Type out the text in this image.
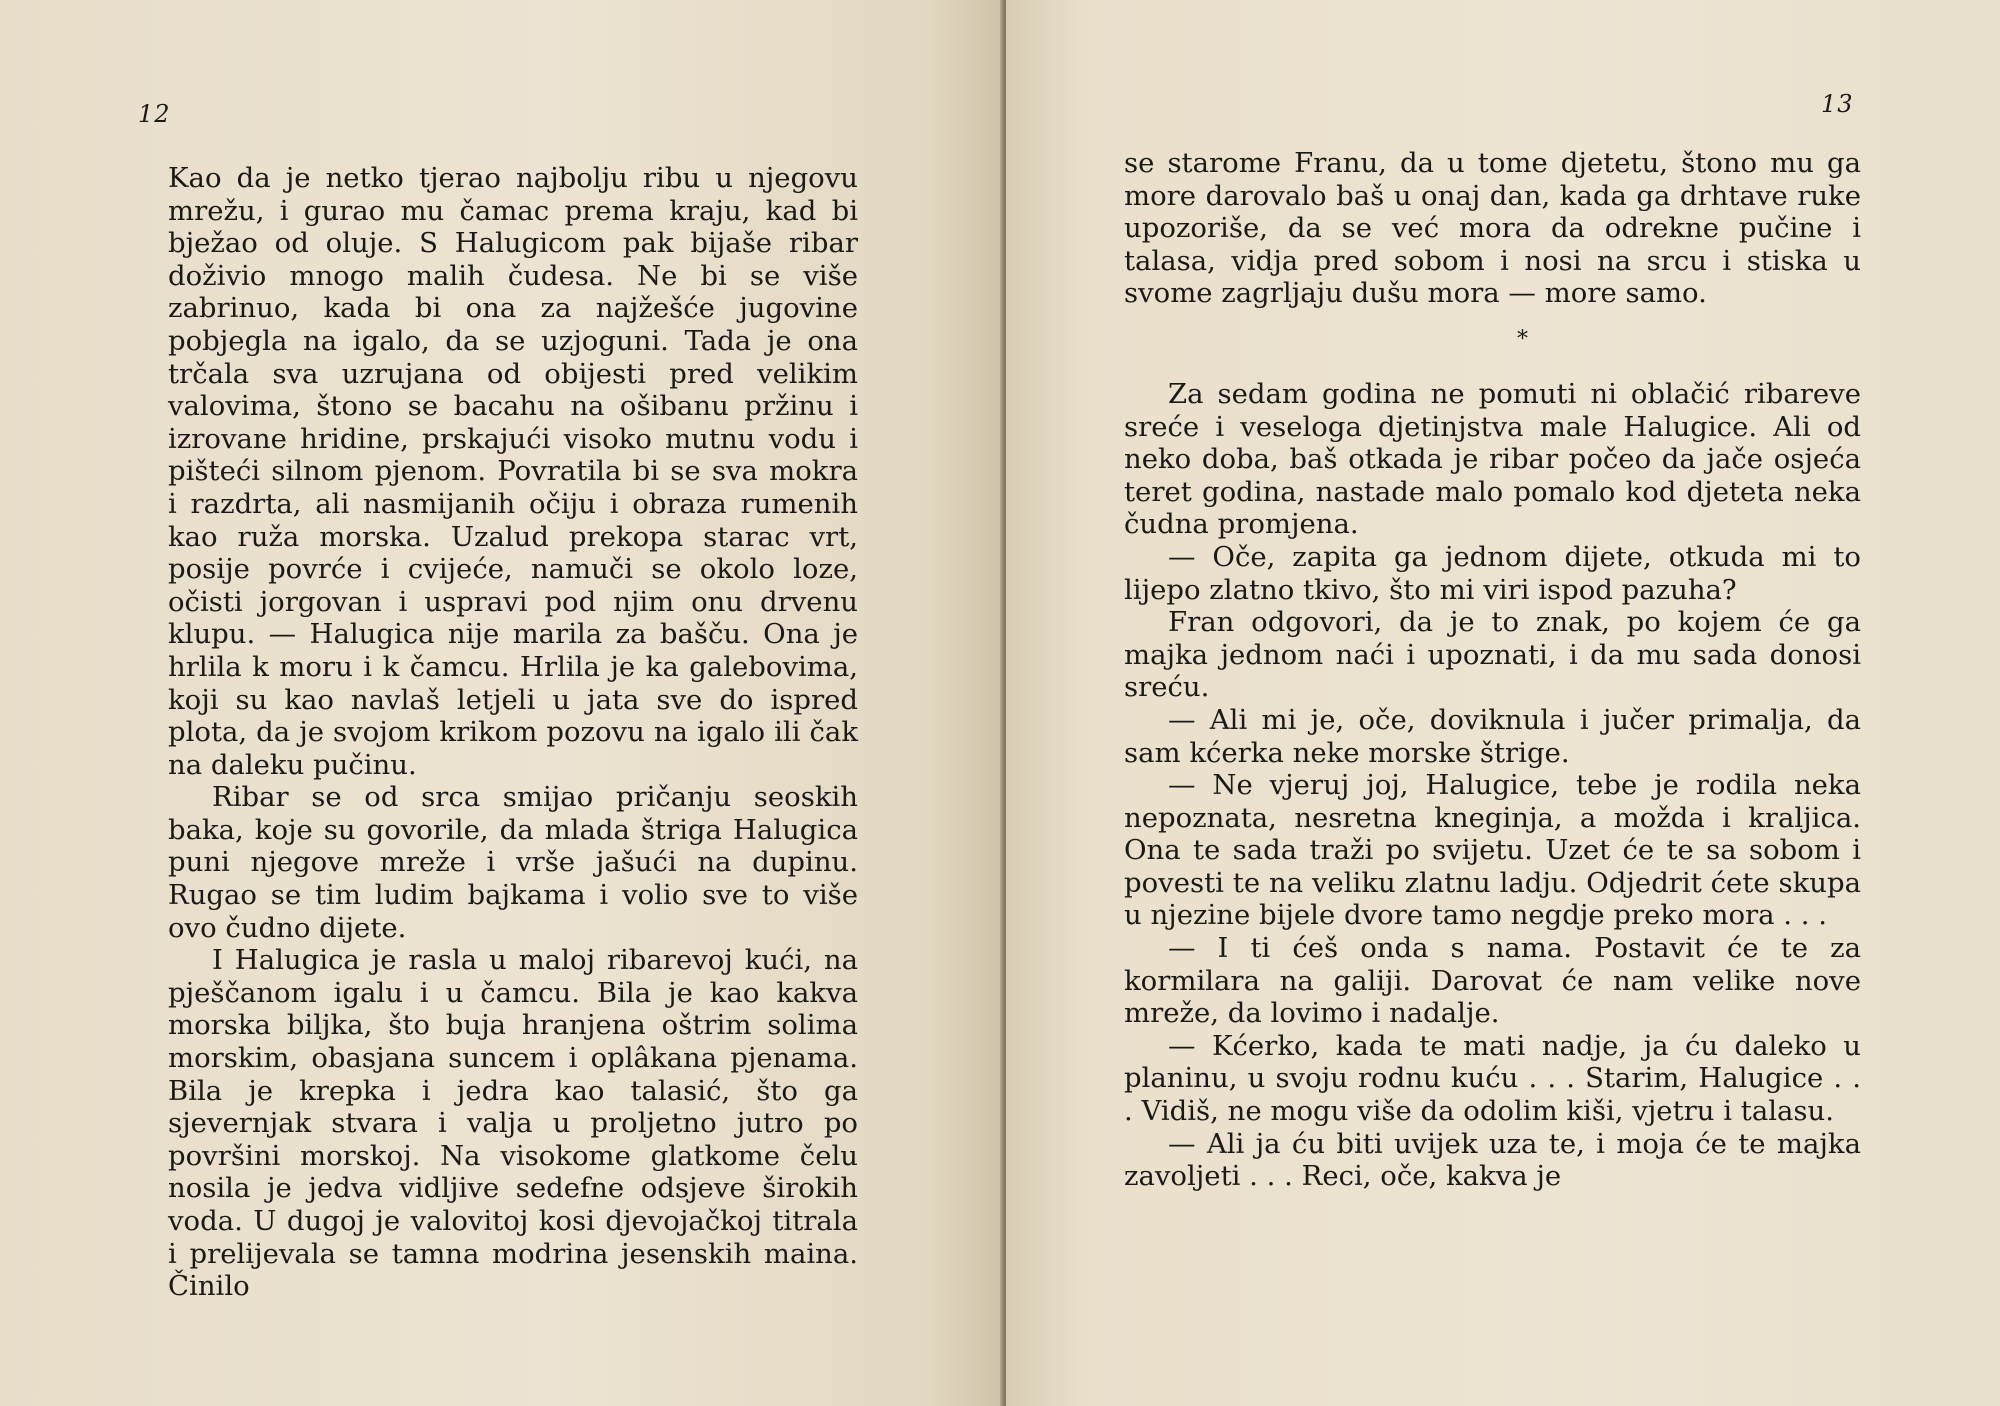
12

Kao da je netko tjerao najbolju ribu u njegovu mrežu, i gurao mu čamac prema kraju, kad bi bježao od oluje. S Halugicom pak bijaše ribar doživio mnogo malih čudesa. Ne bi se više zabrinuo, kada bi ona za najžešće jugovine pobjegla na igalo, da se uzjoguni. Tada je ona trčala sva uzrujana od obijesti pred velikim valovima, štono se bacahu na ošibanu pržinu i izrovane hridine, prskajući visoko mutnu vodu i pišteći silnom pjenom. Povratila bi se sva mokra i razdrta, ali nasmijanih očiju i obraza rumenih kao ruža morska. Uzalud prekopa starac vrt, posije povrće i cvijeće, namuči se okolo loze, očisti jorgovan i uspravi pod njim onu drvenu klupu. — Halugica nije marila za bašču. Ona je hrlila k moru i k čamcu. Hrlila je ka galebovima, koji su kao navlaš letjeli u jata sve do ispred plota, da je svojom krikom pozovu na igalo ili čak na daleku pučinu.

Ribar se od srca smijao pričanju seoskih baka, koje su govorile, da mlada štriga Halugica puni njegove mreže i vrše jašući na dupinu. Rugao se tim ludim bajkama i volio sve to više ovo čudno dijete.

I Halugica je rasla u maloj ribarevoj kući, na pješčanom igalu i u čamcu. Bila je kao kakva morska biljka, što buja hranjena oštrim solima morskim, obasjana suncem i oplâkana pjenama. Bila je krepka i jedra kao talasić, što ga sjevernjak stvara i valja u proljetno jutro po površini morskoj. Na visokome glatkome čelu nosila je jedva vidljive sedefne odsjeve širokih voda. U dugoj je valovitoj kosi djevojačkoj titrala i prelijevala se tamna modrina jesenskih maina. Činilo

13

se starome Franu, da u tome djetetu, štono mu ga more darovalo baš u onaj dan, kada ga drhtave ruke upozoriše, da se već mora da odrekne pučine i talasa, vidja pred sobom i nosi na srcu i stiska u svome zagrljaju dušu mora — more samo.

*

Za sedam godina ne pomuti ni oblačić ribareve sreće i veseloga djetinjstva male Halugice. Ali od neko doba, baš otkada je ribar počeo da jače osjeća teret godina, nastade malo pomalo kod djeteta neka čudna promjena.

— Oče, zapita ga jednom dijete, otkuda mi to lijepo zlatno tkivo, što mi viri ispod pazuha?

Fran odgovori, da je to znak, po kojem će ga majka jednom naći i upoznati, i da mu sada donosi sreću.

— Ali mi je, oče, doviknula i jučer primalja, da sam kćerka neke morske štrige.

— Ne vjeruj joj, Halugice, tebe je rodila neka nepoznata, nesretna kneginja, a možda i kraljica. Ona te sada traži po svijetu. Uzet će te sa sobom i povesti te na veliku zlatnu ladju. Odjedrit ćete skupa u njezine bijele dvore tamo negdje preko mora . . .

— I ti ćeš onda s nama. Postavit će te za kormilara na galiji. Darovat će nam velike nove mreže, da lovimo i nadalje.

— Kćerko, kada te mati nadje, ja ću daleko u planinu, u svoju rodnu kuću . . . Starim, Halugice . . . Vidiš, ne mogu više da odolim kiši, vjetru i talasu.

— Ali ja ću biti uvijek uza te, i moja će te majka zavoljeti . . . Reci, oče, kakva je
